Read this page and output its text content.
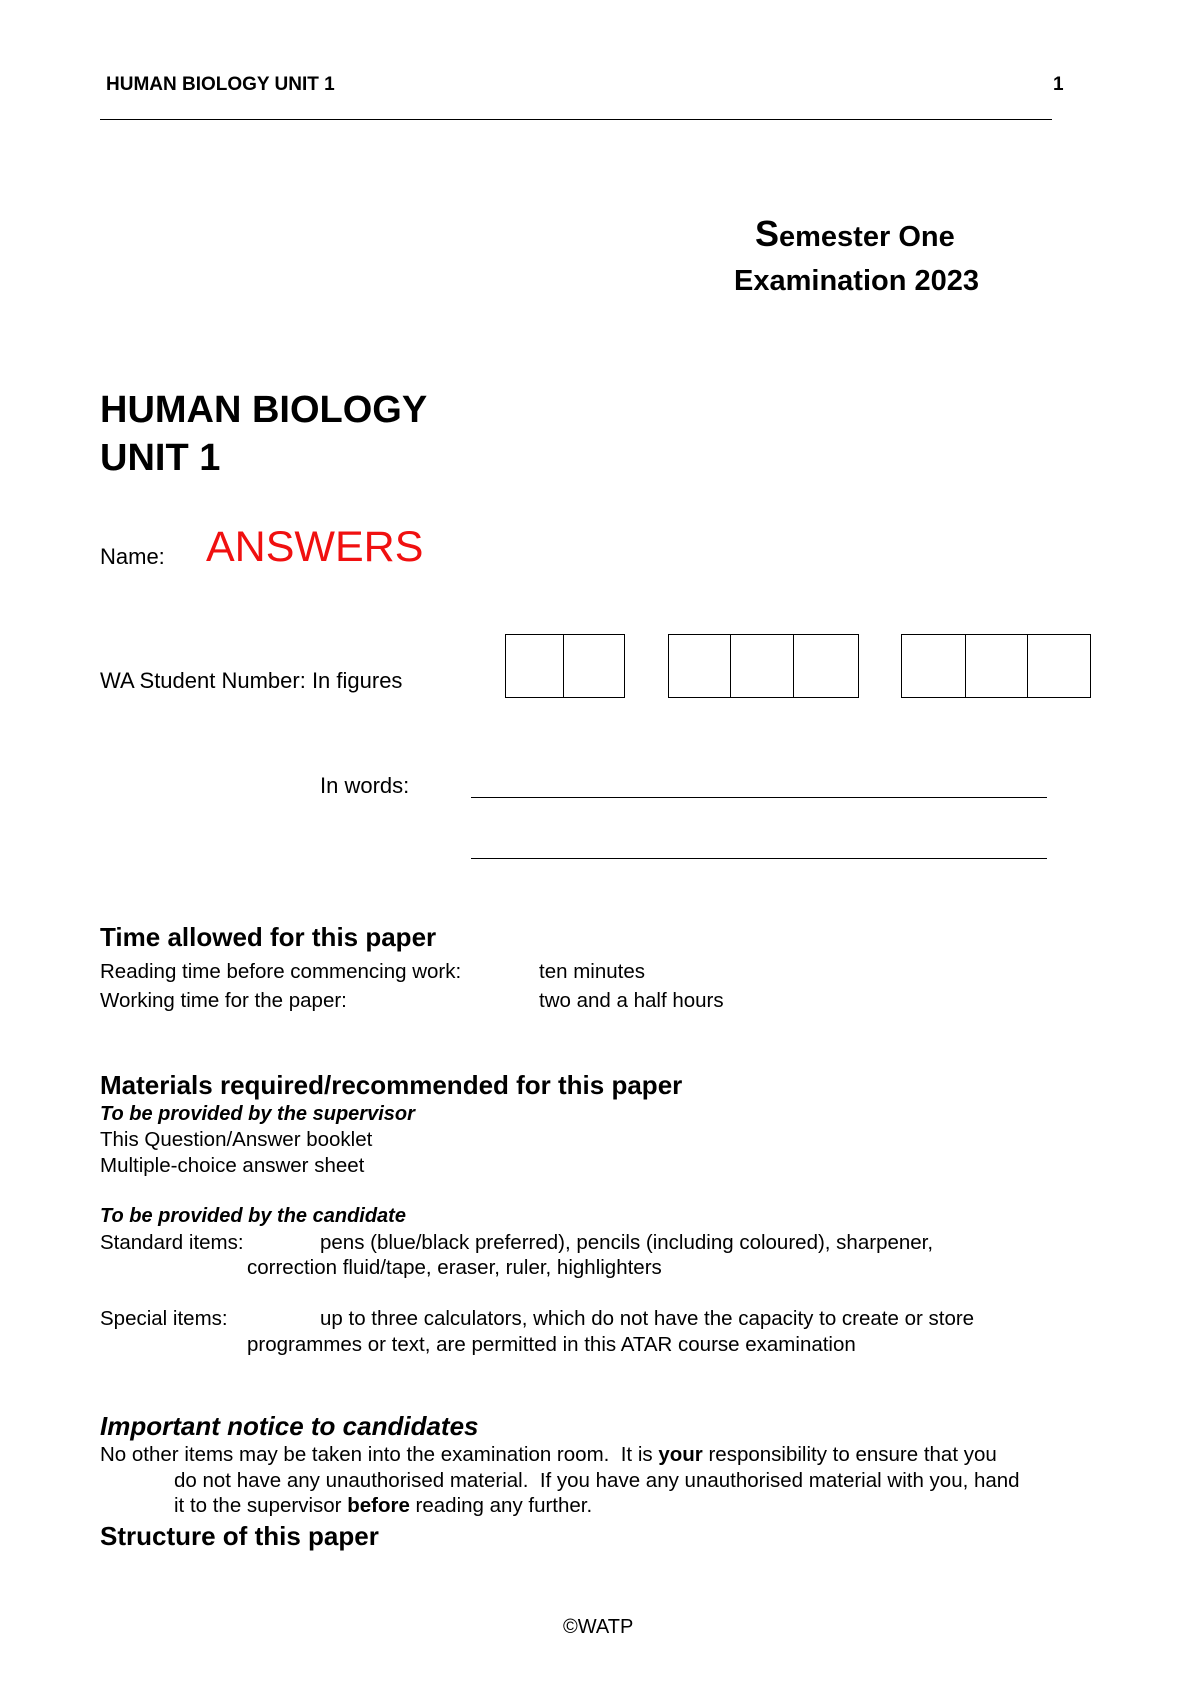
HUMAN BIOLOGY UNIT 1	1
Semester One
Examination 2023
HUMAN BIOLOGY
UNIT 1
Name: ANSWERS
WA Student Number: In figures
In words:
Time allowed for this paper
Reading time before commencing work:	ten minutes
Working time for the paper:	two and a half hours
Materials required/recommended for this paper
To be provided by the supervisor
This Question/Answer booklet
Multiple-choice answer sheet
To be provided by the candidate
Standard items:	pens (blue/black preferred), pencils (including coloured), sharpener,
correction fluid/tape, eraser, ruler, highlighters
Special items:	up to three calculators, which do not have the capacity to create or store
programmes or text, are permitted in this ATAR course examination
Important notice to candidates
No other items may be taken into the examination room.  It is your responsibility to ensure that you
do not have any unauthorised material.  If you have any unauthorised material with you, hand
it to the supervisor before reading any further.
Structure of this paper
©WATP
